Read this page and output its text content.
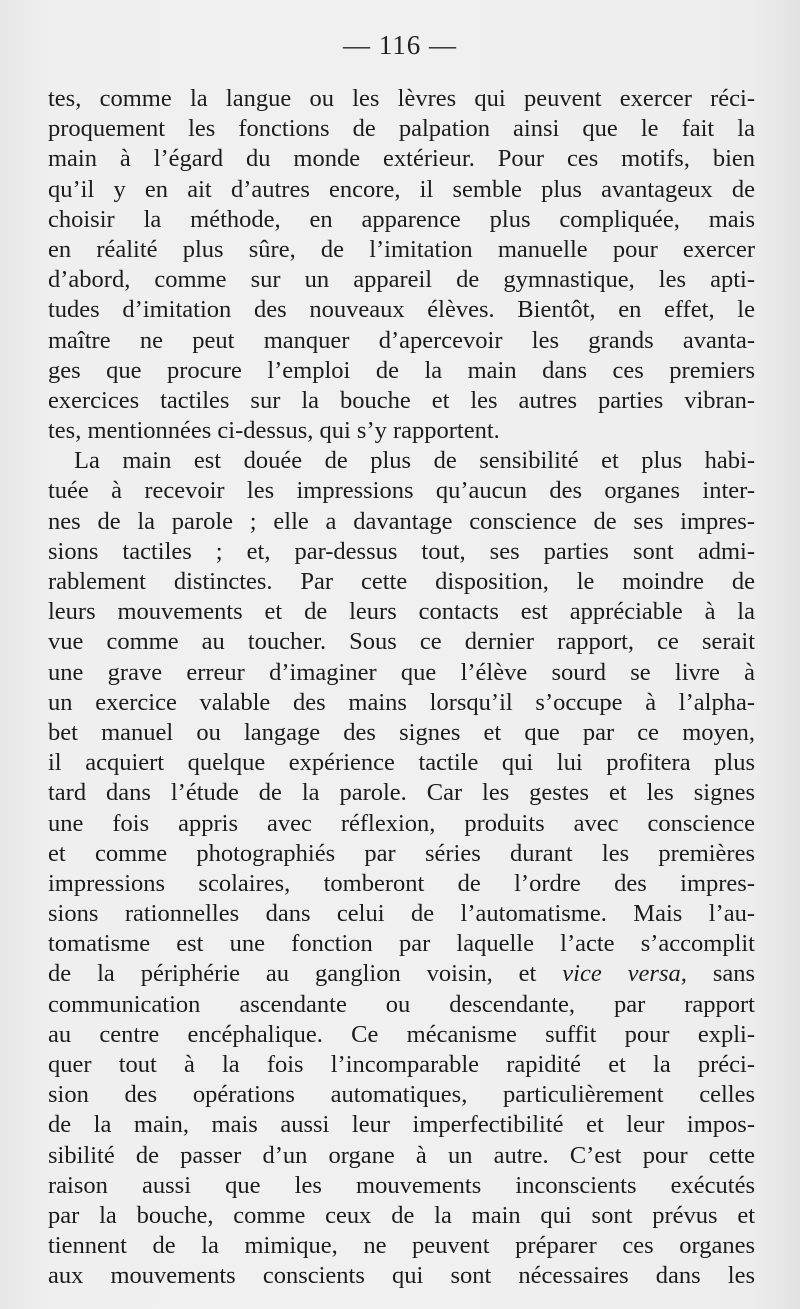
— 116 —
tes, comme la langue ou les lèvres qui peuvent exercer réci-
proquement les fonctions de palpation ainsi que le fait la
main à l’égard du monde extérieur. Pour ces motifs, bien
qu’il y en ait d’autres encore, il semble plus avantageux de
choisir la méthode, en apparence plus compliquée, mais
en réalité plus sûre, de l’imitation manuelle pour exercer
d’abord, comme sur un appareil de gymnastique, les apti-
tudes d’imitation des nouveaux élèves. Bientôt, en effet, le
maître ne peut manquer d’apercevoir les grands avanta-
ges que procure l’emploi de la main dans ces premiers
exercices tactiles sur la bouche et les autres parties vibran-
tes, mentionnées ci-dessus, qui s’y rapportent.
La main est douée de plus de sensibilité et plus habi-
tuée à recevoir les impressions qu’aucun des organes inter-
nes de la parole ; elle a davantage conscience de ses impres-
sions tactiles ; et, par-dessus tout, ses parties sont admi-
rablement distinctes. Par cette disposition, le moindre de
leurs mouvements et de leurs contacts est appréciable à la
vue comme au toucher. Sous ce dernier rapport, ce serait
une grave erreur d’imaginer que l’élève sourd se livre à
un exercice valable des mains lorsqu’il s’occupe à l’alpha-
bet manuel ou langage des signes et que par ce moyen,
il acquiert quelque expérience tactile qui lui profitera plus
tard dans l’étude de la parole. Car les gestes et les signes
une fois appris avec réflexion, produits avec conscience
et comme photographiés par séries durant les premières
impressions scolaires, tomberont de l’ordre des impres-
sions rationnelles dans celui de l’automatisme. Mais l’au-
tomatisme est une fonction par laquelle l’acte s’accomplit
de la périphérie au ganglion voisin, et vice versa, sans
communication ascendante ou descendante, par rapport
au centre encéphalique. Ce mécanisme suffit pour expli-
quer tout à la fois l’incomparable rapidité et la préci-
sion des opérations automatiques, particulièrement celles
de la main, mais aussi leur imperfectibilité et leur impos-
sibilité de passer d’un organe à un autre. C’est pour cette
raison aussi que les mouvements inconscients exécutés
par la bouche, comme ceux de la main qui sont prévus et
tiennent de la mimique, ne peuvent préparer ces organes
aux mouvements conscients qui sont nécessaires dans les
